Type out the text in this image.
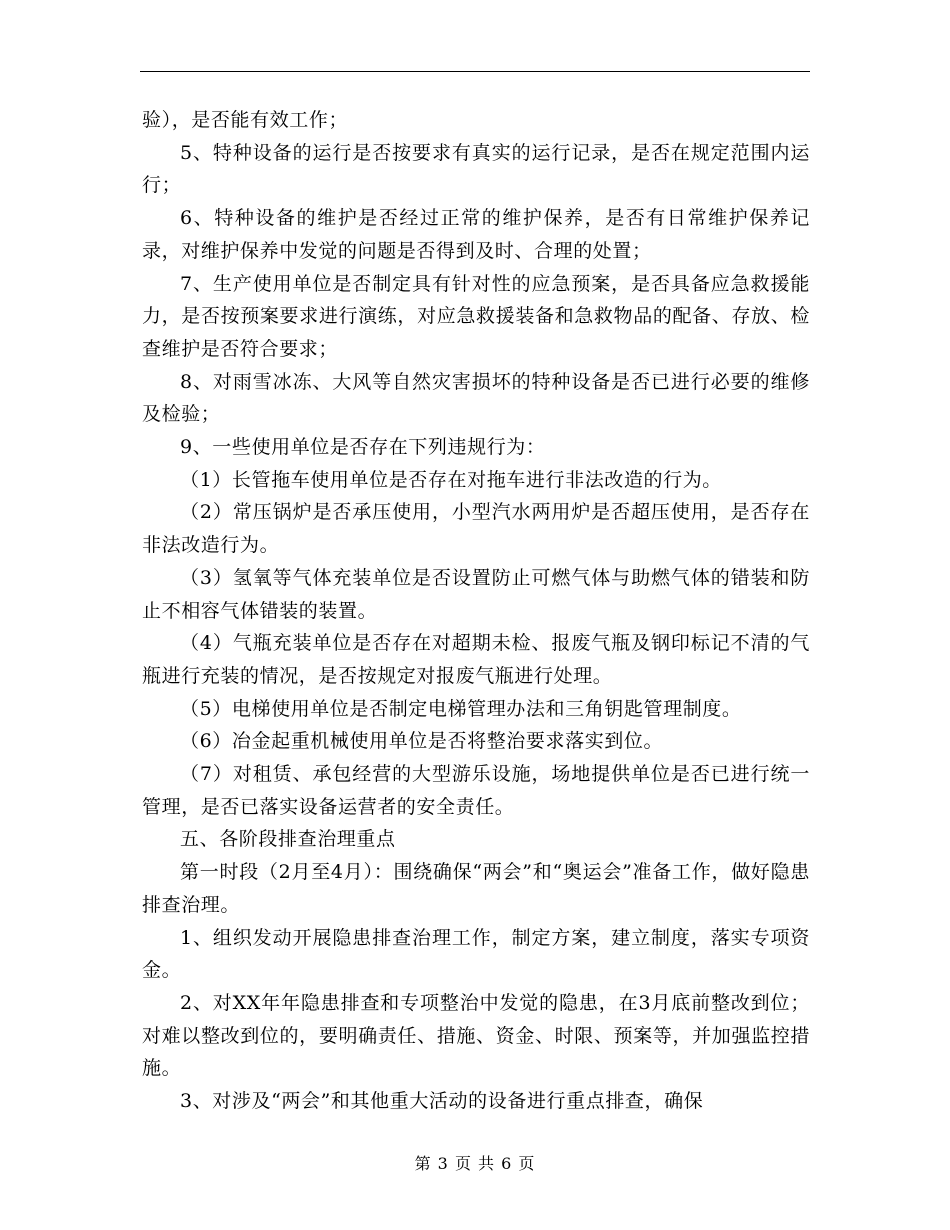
验），是否能有效工作；

5、特种设备的运行是否按要求有真实的运行记录，是否在规定范围内运行；

6、特种设备的维护是否经过正常的维护保养，是否有日常维护保养记录，对维护保养中发觉的问题是否得到及时、合理的处置；

7、生产使用单位是否制定具有针对性的应急预案，是否具备应急救援能力，是否按预案要求进行演练，对应急救援装备和急救物品的配备、存放、检查维护是否符合要求；

8、对雨雪冰冻、大风等自然灾害损坏的特种设备是否已进行必要的维修及检验；

9、一些使用单位是否存在下列违规行为：

（1）长管拖车使用单位是否存在对拖车进行非法改造的行为。

（2）常压锅炉是否承压使用，小型汽水两用炉是否超压使用，是否存在非法改造行为。

（3）氢氧等气体充装单位是否设置防止可燃气体与助燃气体的错装和防止不相容气体错装的装置。

（4）气瓶充装单位是否存在对超期未检、报废气瓶及钢印标记不清的气瓶进行充装的情况，是否按规定对报废气瓶进行处理。

（5）电梯使用单位是否制定电梯管理办法和三角钥匙管理制度。

（6）冶金起重机械使用单位是否将整治要求落实到位。

（7）对租赁、承包经营的大型游乐设施，场地提供单位是否已进行统一管理，是否已落实设备运营者的安全责任。

五、各阶段排查治理重点

第一时段（2月至4月）：围绕确保“两会”和“奥运会”准备工作，做好隐患排查治理。

1、组织发动开展隐患排查治理工作，制定方案，建立制度，落实专项资金。

2、对XX年年隐患排查和专项整治中发觉的隐患，在3月底前整改到位；对难以整改到位的，要明确责任、措施、资金、时限、预案等，并加强监控措施。

3、对涉及“两会”和其他重大活动的设备进行重点排查，确保

第 3 页 共 6 页
